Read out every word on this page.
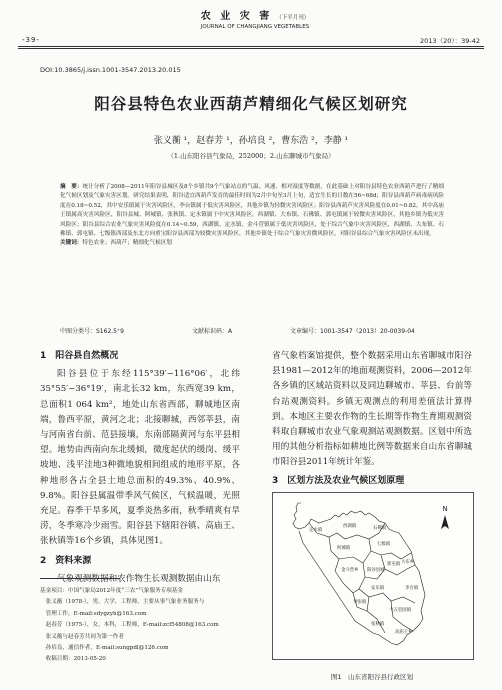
-39-
农 业 灾 害 （下半月刊）
JOURNAL OF CHANGJIANG VEGETABLES
2013（20）：39-42
DOI:10.3865/j.issn.1001-3547.2013.20.015
阳谷县特色农业西葫芦精细化气候区划研究
张义蘅 ¹，赵春芳 ¹，孙培良 ²，曹东浩 ²，李静 ¹
（1.山东阳谷县气象局，252000；2.山东聊城市气象局）
摘　要：统计分析了2008—2011年阳谷县城区及8个乡镇共9个气象站点的气温、风速、相对湿度等数据，在此基础上对阳谷县特色农业西葫芦进行了精细化气候区划及气象灾害区划。研究结果表明，阳谷适宜西葫芦发育的最佳时间为2月中旬至3月上旬，适宜生长的日数在56~68d；阳谷县西葫芦病毒病风险度在0.18~0.52，其中安乐镇属于灾害风险区，李台镇属于低灾害风险区，其他乡镇为轻微灾害风险区；阳谷县西葫芦灾害风险度在0.01~0.82，其中高庙王镇属高灾害风险区，阳谷县城、阿城镇、张秋镇、定水镇属于中灾害风险区，西湖镇、大布镇、石佛镇、郭屯镇属于较微灾害风险区，其他乡镇为低灾害风险区；阳谷县综合农业气象灾害风险度在0.14~0.59，西湖镇、定水镇、金斗营镇属于低灾害风险区，处于综合气象中灾害风险区，西湖镇、大布镇、石佛镇、郭屯镇、七级镇西部及东北方向重宝阳谷县西部为较微灾害风险区，其他乡镇处于综合气象灾害微风险区，对阳谷县综合气象灾害风险区未出现。
关键词：特色农业；西葫芦；精细化气候区划
中图分类号：S162.5⁺9	文献标识码：A	文章编号：1001-3547（2013）20-0039-04
1　阳谷县自然概况

阳谷县位于东经115°39′~116°06′，北纬35°55′~36°19′，南北长32 km，东西宽39 km，总面积1 064 km²，地处山东省西部，聊城地区南端，鲁西平原，黄河之北；北接聊城，西邻莘县，南与河南省台前、范县接壤，东南部隔黄河与东平县相望。地势由西南向东北缓倾，微度起伏的缓岗、缓平坡地、浅平洼地3种微地貌相间组成的地形平原，各种地形各占全县土地总面积的49.3%、40.9%、9.8%。阳谷县属温带季风气候区，气候温暖，光照充足。春季干旱多风，夏季炎热多雨，秋季晴爽有旱涝，冬季寒冷少雨雪。阳谷县下辖阳谷镇、高庙王、张秋镇等16个乡镇，具体见图1。

2　资料来源

气象观测数据和农作物生长观测数据由山东

基金项目：中国气象局2012年度“三农”气象服务专项基金
　张义蘅（1978-），男，大学，工程师，主要从事气象业务服务与
　管理工作，E-mail:sdygzyh@163.com
　赵春芳（1975-），女，本科，工程师，E-mail:zcf54808@163.com
　张义蘅与赵春芳共同为第一作者
　孙培良，通信作者，E-mail:sungpdl@126.com
　收稿日期：2013-05-20

省气象档案馆提供，整个数据采用山东省聊城市阳谷县1981—2012年的地面观测资料，2006—2012年各乡镇的区域站资料以及同边聊城市、莘县、台前等台站观测资料。乡镇无观测点的利用差值法计算得到。本地区主要农作物的生长期等作物生育期观测资料取自聊城市农业气象观测站观测数据。区划中所选用的其他分析指标如耕地比例等数据来自山东省聊城市阳谷县2011年统计年鉴。

3　区划方法及农业气候区划原理

定水镇
西湖镇	石佛镇
阿城镇
七级镇
大布乡
金斗营乡
郭屯镇
阳谷县城
李台镇
安乐镇
十五里园镇
寿张镇
张秋镇
高庙王乡
N
图1　山东省阳谷县行政区划
